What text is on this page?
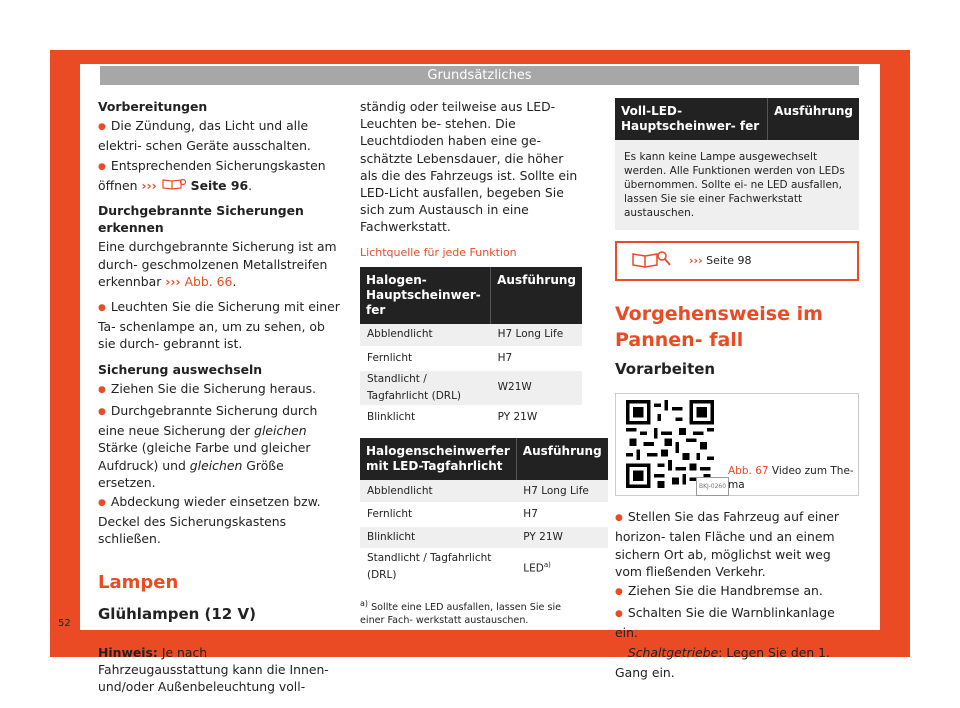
Grundsätzliches
52

Vorbereitungen

● Die Zündung, das Licht und alle elektri- schen Geräte ausschalten.

● Entsprechenden Sicherungskasten öffnen ›››	Seite 96.

Durchgebrannte Sicherungen erkennen

Eine durchgebrannte Sicherung ist am durch- geschmolzenen Metallstreifen erkennbar ››› Abb. 66.

● Leuchten Sie die Sicherung mit einer Ta- schenlampe an, um zu sehen, ob sie durch- gebrannt ist.

Sicherung auswechseln

● Ziehen Sie die Sicherung heraus.

● Durchgebrannte Sicherung durch eine neue Sicherung der gleichen Stärke (gleiche Farbe und gleicher Aufdruck) und gleichen Größe ersetzen.

● Abdeckung wieder einsetzen bzw. Deckel des Sicherungskastens schließen.

Lampen
Glühlampen (12 V)

Hinweis: Je nach Fahrzeugausstattung kann die Innen- und/oder Außenbeleuchtung voll-

ständig oder teilweise aus LED-Leuchten be- stehen. Die Leuchtdioden haben eine ge- schätzte Lebensdauer, die höher als die des Fahrzeugs ist. Sollte ein LED-Licht ausfallen, begeben Sie sich zum Austausch in eine Fachwerkstatt.

Lichtquelle für jede Funktion

Halogen-Hauptscheinwer- fer	Ausführung
Abblendlicht	H7 Long Life
Fernlicht	H7
Standlicht / Tagfahrlicht (DRL)	W21W
Blinklicht	PY 21W
Halogenscheinwerfer mit LED-Tagfahrlicht	Ausführung
Abblendlicht	H7 Long Life
Fernlicht	H7
Blinklicht	PY 21W
Standlicht / Tagfahrlicht (DRL)	LED$^{a)}$

$^{a)}$ Sollte eine LED ausfallen, lassen Sie sie einer Fach- werkstatt austauschen.

Voll-LED-Hauptscheinwer- fer	Ausführung
Es kann keine Lampe ausgewechselt werden. Alle Funktionen werden von LEDs übernommen. Sollte ei- ne LED ausfallen, lassen Sie sie einer Fachwerkstatt austauschen.
››› Seite 98
Vorgehensweise im Pannen- fall
Vorarbeiten
BKJ-0260
Abb. 67 Video zum The- ma

● Stellen Sie das Fahrzeug auf einer horizon- talen Fläche und an einem sichern Ort ab, möglichst weit weg vom fließenden Verkehr.

● Ziehen Sie die Handbremse an.

● Schalten Sie die Warnblinkanlage ein.

● Schaltgetriebe: Legen Sie den 1. Gang ein.
